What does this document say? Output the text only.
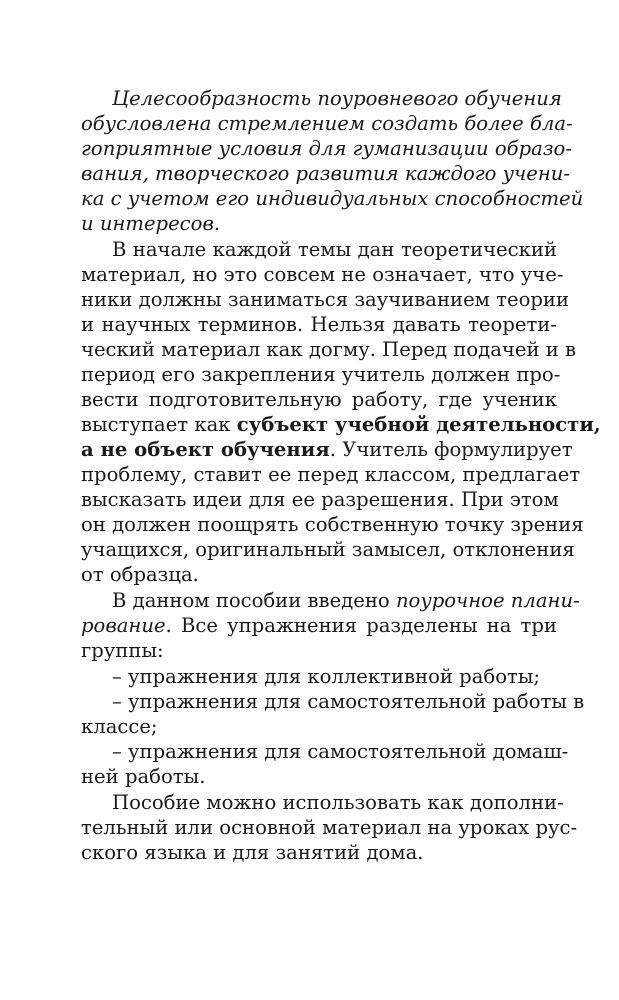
Целесообразность поуровневого обучения
обусловлена стремлением создать более бла-
гоприятные условия для гуманизации образо-
вания, творческого развития каждого учени-
ка с учетом его индивидуальных способностей
и интересов.
В начале каждой темы дан теоретический
материал, но это совсем не означает, что уче-
ники должны заниматься заучиванием теории
и научных терминов. Нельзя давать теорети-
ческий материал как догму. Перед подачей и в
период его закрепления учитель должен про-
вести подготовительную работу, где ученик
выступает как субъект учебной деятельности,
а не объект обучения. Учитель формулирует
проблему, ставит ее перед классом, предлагает
высказать идеи для ее разрешения. При этом
он должен поощрять собственную точку зрения
учащихся, оригинальный замысел, отклонения
от образца.
В данном пособии введено поурочное плани-
рование. Все упражнения разделены на три
группы:
– упражнения для коллективной работы;
– упражнения для самостоятельной работы в
классе;
– упражнения для самостоятельной домаш-
ней работы.
Пособие можно использовать как дополни-
тельный или основной материал на уроках рус-
ского языка и для занятий дома.
